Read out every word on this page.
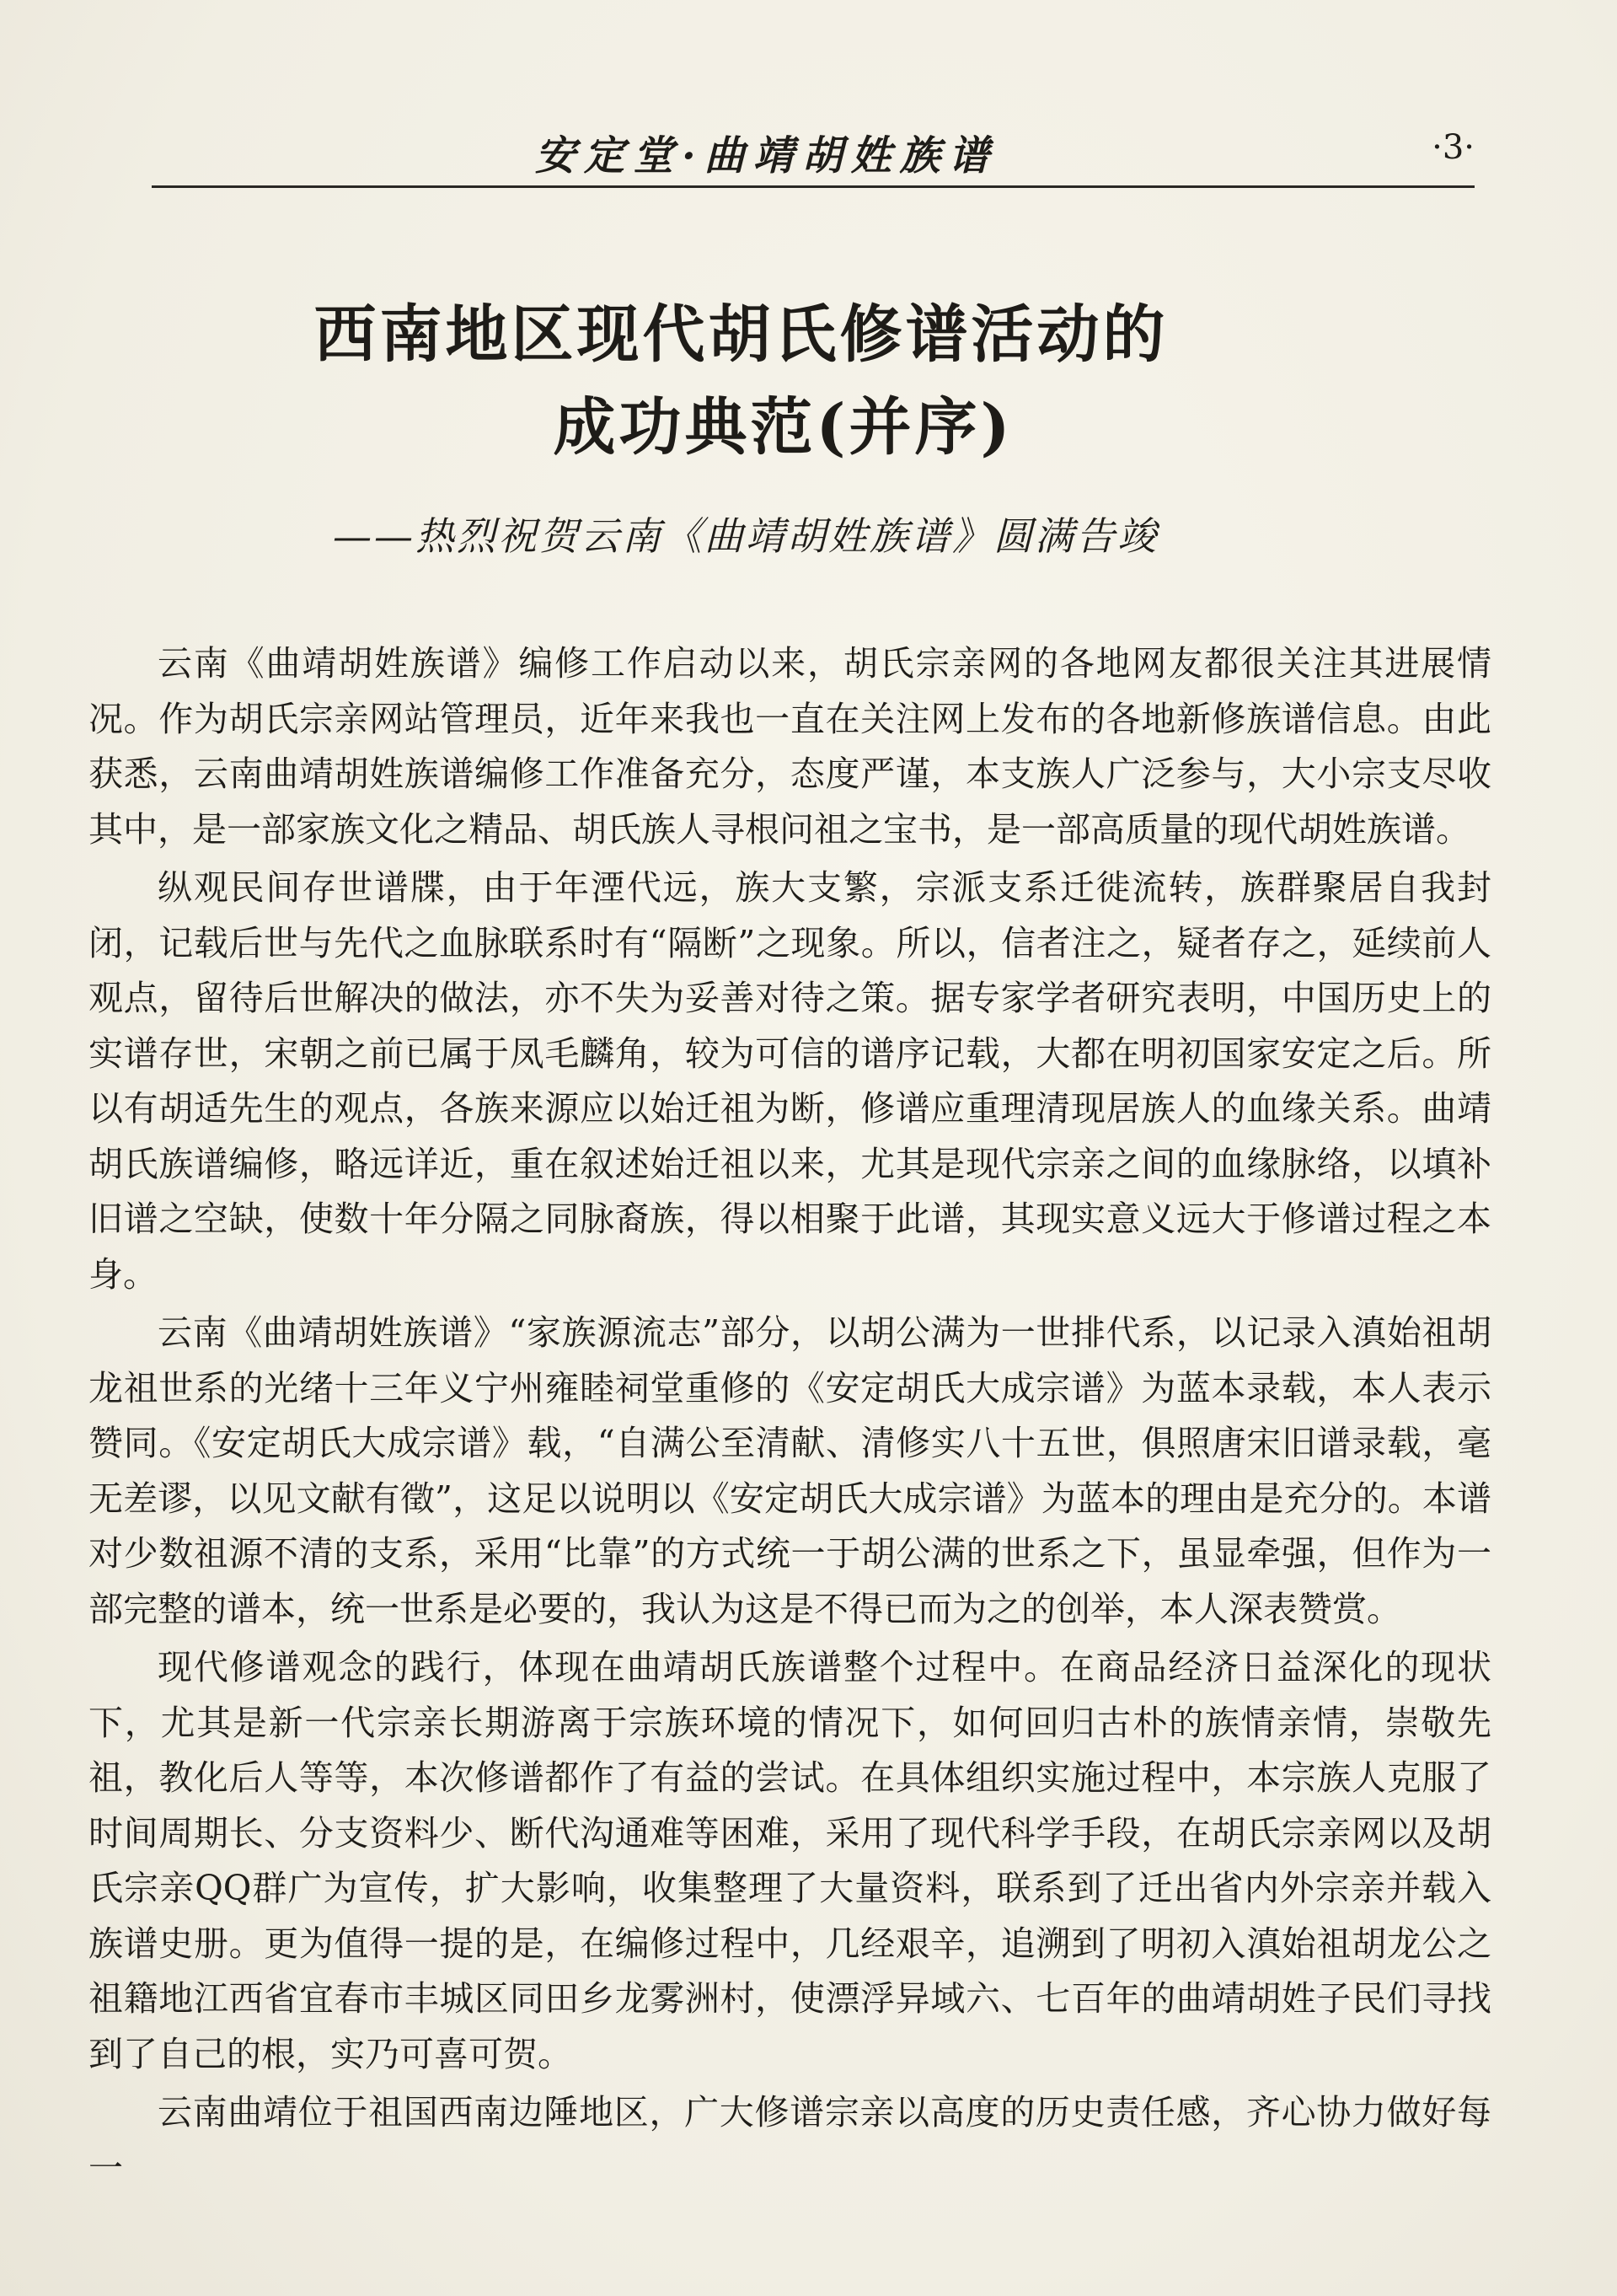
安定堂·曲靖胡姓族谱	·3·
西南地区现代胡氏修谱活动的
成功典范(并序)
——热烈祝贺云南《曲靖胡姓族谱》圆满告竣

云南《曲靖胡姓族谱》编修工作启动以来，胡氏宗亲网的各地网友都很关注其进展情况。作为胡氏宗亲网站管理员，近年来我也一直在关注网上发布的各地新修族谱信息。由此获悉，云南曲靖胡姓族谱编修工作准备充分，态度严谨，本支族人广泛参与，大小宗支尽收其中，是一部家族文化之精品、胡氏族人寻根问祖之宝书，是一部高质量的现代胡姓族谱。

纵观民间存世谱牒，由于年湮代远，族大支繁，宗派支系迁徙流转，族群聚居自我封闭，记载后世与先代之血脉联系时有“隔断”之现象。所以，信者注之，疑者存之，延续前人观点，留待后世解决的做法，亦不失为妥善对待之策。据专家学者研究表明，中国历史上的实谱存世，宋朝之前已属于凤毛麟角，较为可信的谱序记载，大都在明初国家安定之后。所以有胡适先生的观点，各族来源应以始迁祖为断，修谱应重理清现居族人的血缘关系。曲靖胡氏族谱编修，略远详近，重在叙述始迁祖以来，尤其是现代宗亲之间的血缘脉络，以填补旧谱之空缺，使数十年分隔之同脉裔族，得以相聚于此谱，其现实意义远大于修谱过程之本身。

云南《曲靖胡姓族谱》“家族源流志”部分，以胡公满为一世排代系，以记录入滇始祖胡龙祖世系的光绪十三年义宁州雍睦祠堂重修的《安定胡氏大成宗谱》为蓝本录载，本人表示赞同。《安定胡氏大成宗谱》载，“自满公至清献、清修实八十五世，俱照唐宋旧谱录载，毫无差谬，以见文献有徵”，这足以说明以《安定胡氏大成宗谱》为蓝本的理由是充分的。本谱对少数祖源不清的支系，采用“比靠”的方式统一于胡公满的世系之下，虽显牵强，但作为一部完整的谱本，统一世系是必要的，我认为这是不得已而为之的创举，本人深表赞赏。

现代修谱观念的践行，体现在曲靖胡氏族谱整个过程中。在商品经济日益深化的现状下，尤其是新一代宗亲长期游离于宗族环境的情况下，如何回归古朴的族情亲情，崇敬先祖，教化后人等等，本次修谱都作了有益的尝试。在具体组织实施过程中，本宗族人克服了时间周期长、分支资料少、断代沟通难等困难，采用了现代科学手段，在胡氏宗亲网以及胡氏宗亲QQ群广为宣传，扩大影响，收集整理了大量资料，联系到了迁出省内外宗亲并载入族谱史册。更为值得一提的是，在编修过程中，几经艰辛，追溯到了明初入滇始祖胡龙公之祖籍地江西省宜春市丰城区同田乡龙雾洲村，使漂浮异域六、七百年的曲靖胡姓子民们寻找到了自己的根，实乃可喜可贺。

云南曲靖位于祖国西南边陲地区，广大修谱宗亲以高度的历史责任感，齐心协力做好每一
